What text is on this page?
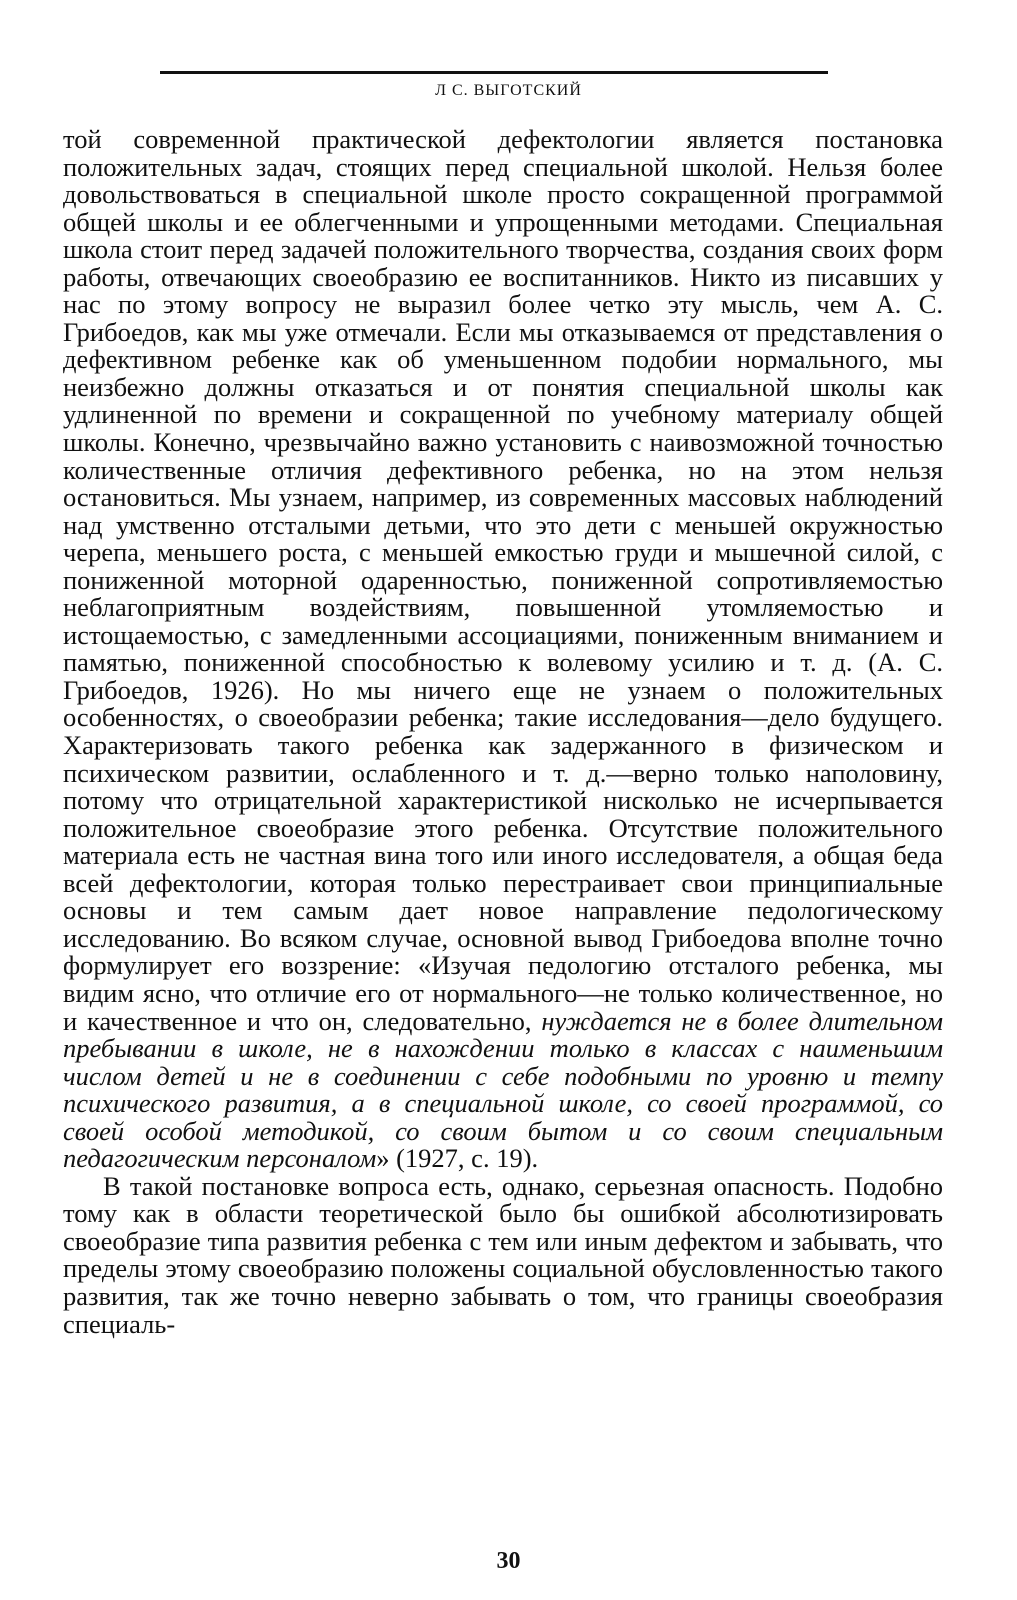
Л С. ВЫГОТСКИЙ

той современной практической дефектологии является постановка положительных задач, стоящих перед специальной школой. Нельзя более довольствоваться в специальной школе просто сокращенной программой общей школы и ее облегченными и упрощенными методами. Специальная школа стоит перед задачей положительного творчества, создания своих форм работы, отвечающих своеобразию ее воспитанников. Никто из писавших у нас по этому вопросу не выразил более четко эту мысль, чем А. С. Грибоедов, как мы уже отмечали. Если мы отказываемся от представления о дефективном ребенке как об уменьшенном подобии нормального, мы неизбежно должны отказаться и от понятия специальной школы как удлиненной по времени и сокращенной по учебному материалу общей школы. Конечно, чрезвычайно важно установить с наивозможной точностью количественные отличия дефективного ребенка, но на этом нельзя остановиться. Мы узнаем, например, из современных массовых наблюдений над умственно отсталыми детьми, что это дети с меньшей окружностью черепа, меньшего роста, с меньшей емкостью груди и мышечной силой, с пониженной моторной одаренностью, пониженной сопротивляемостью неблагоприятным воздействиям, повышенной утомляемостью и истощаемостью, с замедленными ассоциациями, пониженным вниманием и памятью, пониженной способностью к волевому усилию и т. д. (А. С. Грибоедов, 1926). Но мы ничего еще не узнаем о положительных особенностях, о своеобразии ребенка; такие исследования—дело будущего. Характеризовать такого ребенка как задержанного в физическом и психическом развитии, ослабленного и т. д.—верно только наполовину, потому что отрицательной характеристикой нисколько не исчерпывается положительное своеобразие этого ребенка. Отсутствие положительного материала есть не частная вина того или иного исследователя, а общая беда всей дефектологии, которая только перестраивает свои принципиальные основы и тем самым дает новое направление педологическому исследованию. Во всяком случае, основной вывод Грибоедова вполне точно формулирует его воззрение: «Изучая педологию отсталого ребенка, мы видим ясно, что отличие его от нормального—не только количественное, но и качественное и что он, следовательно, нуждается не в более длительном пребывании в школе, не в нахождении только в классах с наименьшим числом детей и не в соединении с себе подобными по уровню и темпу психического развития, а в специальной школе, со своей программой, со своей особой методикой, со своим бытом и со своим специальным педагогическим персоналом» (1927, с. 19).

В такой постановке вопроса есть, однако, серьезная опасность. Подобно тому как в области теоретической было бы ошибкой абсолютизировать своеобразие типа развития ребенка с тем или иным дефектом и забывать, что пределы этому своеобразию положены социальной обусловленностью такого развития, так же точно неверно забывать о том, что границы своеобразия специаль-

30
